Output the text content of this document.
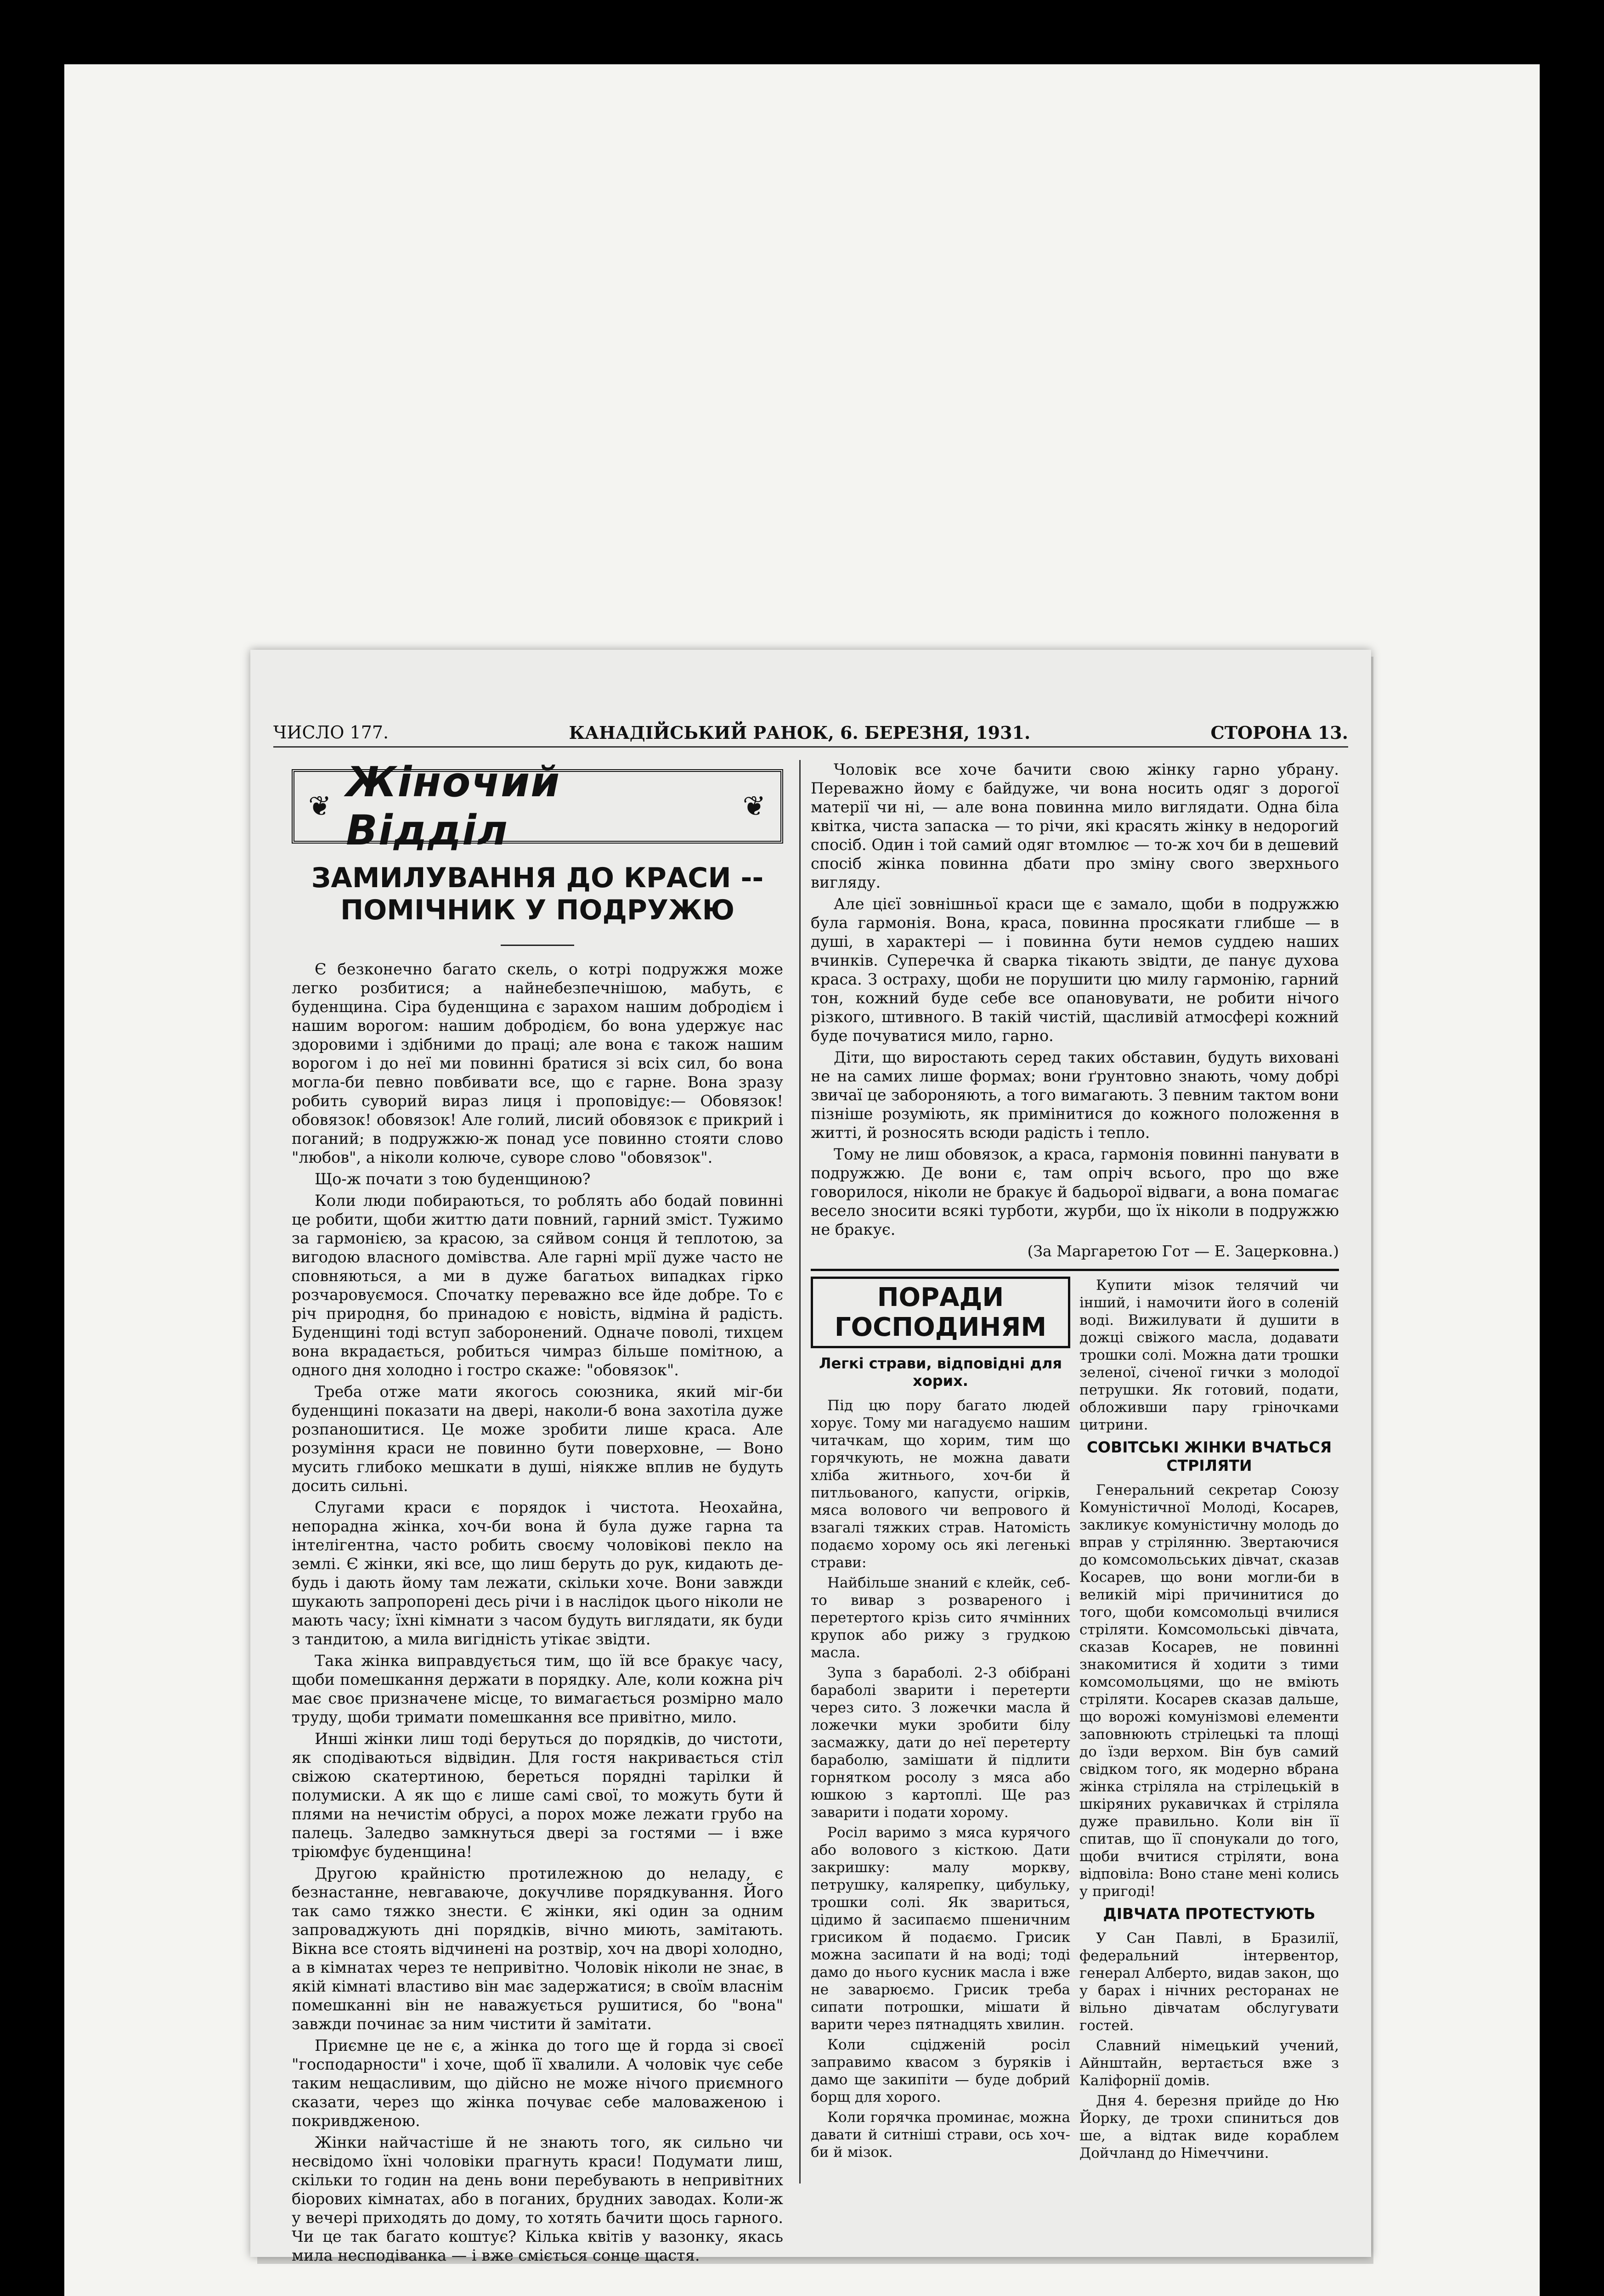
ЧИСЛО 177.	КАНАДІЙСЬКИЙ РАНОК, 6. БЕРЕЗНЯ, 1931.	СТОРОНА 13.
❦ Жіночий Відділ	❦
ЗАМИЛУВАННЯ ДО КРАСИ -- ПОМІЧНИК У ПОДРУЖЮ

Є безконечно багато скель, о котрі подружжя може легко розбитися; а найнебезпечнішою, мабуть, є буденщина. Сіра буденщина є зарахом нашим добродієм і нашим ворогом: нашим добродієм, бо вона удержує нас здоровими і здібними до праці; але вона є також нашим ворогом і до неї ми повинні братися зі всіх сил, бо вона могла-би певно повбивати все, що є гарне. Вона зразу робить суворий вираз лиця і проповідує:— Обовязок! обовязок! обовязок! Але голий, лисий обовязок є прикрий і поганий; в подружжю-ж понад усе повинно стояти слово "любов", а ніколи колюче, суворе слово "обовязок".

Що-ж почати з тою буденщиною?

Коли люди побираються, то роблять або бодай повинні це робити, щоби життю дати повний, гарний зміст. Тужимо за гармонією, за красою, за сяйвом сонця й теплотою, за вигодою власного домівства. Але гарні мрії дуже часто не сповняються, а ми в дуже багатьох випадках гірко розчаровуємося. Спочатку переважно все йде добре. То є річ природня, бо принадою є новість, відміна й радість. Буденщині тоді вступ заборонений. Одначе поволі, тихцем вона вкрадається, робиться чимраз більше помітною, а одного дня холодно і гостро скаже: "обовязок".

Треба отже мати якогось союзника, який міг-би буденщині показати на двері, наколи-б вона захотіла дуже розпаношитися. Це може зробити лише краса. Але розуміння краси не повинно бути поверховне, — Воно мусить глибоко мешкати в душі, ніякже вплив не будуть досить сильні.

Слугами краси є порядок і чистота. Неохайна, непорадна жінка, хоч-би вона й була дуже гарна та інтелігентна, часто робить своєму чоловікові пекло на землі. Є жінки, які все, що лиш беруть до рук, кидають де-будь і дають йому там лежати, скільки хоче. Вони завжди шукають запропорені десь річи і в наслідок цього ніколи не мають часу; їхні кімнати з часом будуть виглядати, як буди з тандитою, а мила вигідність утікає звідти.

Така жінка виправдується тим, що їй все бракує часу, щоби помешкання держати в порядку. Але, коли кожна річ має своє призначене місце, то вимагається розмірно мало труду, щоби тримати помешкання все привітно, мило.

Инші жінки лиш тоді беруться до порядків, до чистоти, як сподіваються відвідин. Для гостя накривається стіл свіжою скатертиною, береться порядні тарілки й полумиски. А як що є лише самі свої, то можуть бути й плями на нечистім обрусі, а порох може лежати грубо на палець. Заледво замкнуться двері за гостями — і вже тріюмфує буденщина!

Другою крайністю протилежною до неладу, є безнастанне, невгаваюче, докучливе порядкування. Його так само тяжко знести. Є жінки, які один за одним запроваджують дні порядків, вічно миють, замітають. Вікна все стоять відчинені на розтвір, хоч на дворі холодно, а в кімнатах через те непривітно. Чоловік ніколи не знає, в якій кімнаті властиво він має задержатися; в своїм власнім помешканні він не наважується рушитися, бо "вона" завжди починає за ним чистити й замітати.

Приємне це не є, а жінка до того ще й горда зі своєї "господарности" і хоче, щоб її хвалили. А чоловік чує себе таким нещасливим, що дійсно не може нічого приємного сказати, через що жінка почуває себе маловаженою і покривдженою.

Жінки найчастіше й не знають того, як сильно чи несвідомо їхні чоловіки прагнуть краси! Подумати лиш, скільки то годин на день вони перебувають в непривітних біорових кімнатах, або в поганих, брудних заводах. Коли-ж у вечері приходять до дому, то хотять бачити щось гарного. Чи це так багато коштує? Кілька квітів у вазонку, якась мила несподіванка — і вже сміється сонце щастя.

Чоловік все хоче бачити свою жінку гарно убрану. Переважно йому є байдуже, чи вона носить одяг з дорогої матерії чи ні, — але вона повинна мило виглядати. Одна біла квітка, чиста запаска — то річи, які красять жінку в недорогий спосіб. Один і той самий одяг втомлює — то-ж хоч би в дешевий спосіб жінка повинна дбати про зміну свого зверхнього вигляду.

Але цієї зовнішньої краси ще є замало, щоби в подружжю була гармонія. Вона, краса, повинна просякати глибше — в душі, в характері — і повинна бути немов суддею наших вчинків. Суперечка й сварка тікають звідти, де панує духова краса. З остраху, щоби не порушити цю милу гармонію, гарний тон, кожний буде себе все опановувати, не робити нічого різкого, штивного. В такій чистій, щасливій атмосфері кожний буде почуватися мило, гарно.

Діти, що виростають серед таких обставин, будуть виховані не на самих лише формах; вони ґрунтовно знають, чому добрі звичаї це забороняють, а того вимагають. З певним тактом вони пізніше розуміють, як примінитися до кожного положення в житті, й розносять всюди радість і тепло.

Тому не лиш обовязок, а краса, гармонія повинні панувати в подружжю. Де вони є, там опріч всього, про що вже говорилося, ніколи не бракує й бадьорої відваги, а вона помагає весело зносити всякі турботи, журби, що їх ніколи в подружжю не бракує.

(За Маргаретою Гот — Е. Зацерковна.)
ПОРАДИ ГОСПОДИНЯМ
Легкі страви, відповідні для хорих.

Під цю пору багато людей хорує. Тому ми нагадуємо нашим читачкам, що хорим, тим що горячкують, не можна давати хліба житнього, хоч-би й питльованого, капусти, огірків, мяса воловогo чи вепрового й взагалі тяжких страв. Натомість подаємо хорому ось які легенькі страви:

Найбільше знаний є клейк, себ-то вивар з розвареного і перетертого крізь сито ячмінних крупок або рижу з грудкою масла.

Зупа з бараболі. 2-3 обібрані бараболі зварити і перетерти через сито. З ложечки масла й ложечки муки зробити білу засмажку, дати до неї перетерту бараболю, замішати й підлити горнятком росолу з мяса або юшкою з картоплі. Ще раз заварити і подати хорому.

Росіл варимо з мяса курячого або волового з кісткою. Дати закришку: малу моркву, петрушку, калярепку, цибульку, трошки солі. Як звариться, цідимо й засипаємо пшеничним грисиком й подаємо. Грисик можна засипати й на воді; тоді дамо до нього кусник масла і вже не заварюємо. Грисик треба сипати потрошки, мішати й варити через пятнадцять хвилин.

Коли сцідженій росіл заправимо квасом з буряків і дамо ще закипіти — буде добрий борщ для хорого.

Коли горячка проминає, можна давати й ситніші страви, ось хоч-би й мізок.

Купити мізок телячий чи інший, і намочити його в соленій воді. Вижилувати й душити в дожці свіжого масла, додавати трошки солі. Можна дати трошки зеленої, січеної гички з молодої петрушки. Як готовий, подати, обложивши пару гріночками цитрини.

СОВІТСЬКІ ЖІНКИ ВЧАТЬСЯ СТРІЛЯТИ

Генеральний секретар Союзу Комуністичної Молоді, Косарев, закликує комуністичну молодь до вправ у стрілянню. Звертаючися до комсомольських дівчат, сказав Косарев, що вони могли-би в великій мірі причинитися до того, щоби комсомольці вчилися стріляти. Комсомольські дівчата, сказав Косарев, не повинні знакомитися й ходити з тими комсомольцями, що не вміють стріляти. Косарев сказав дальше, що ворожі комунізмові елементи заповнюють стрілецькі та площі до їзди верхом. Він був самий свідком того, як модерно вбрана жінка стріляла на стрілецькій в шкіряних рукавичках й стріляла дуже правильно. Коли він її спитав, що її спонукали до того, щоби вчитися стріляти, вона відповіла: Воно стане мені колись у пригоді!

ДІВЧАТА ПРОТЕСТУЮТЬ

У Сан Павлі, в Бразилії, федеральний інтервентор, генерал Алберто, видав закон, що у барах і нічних ресторанах не вільно дівчатам обслугувати гостей.

Славний німецький учений, Айнштайн, вертається вже з Каліфорнії домів.

Дня 4. березня прийде до Ню Йорку, де трохи спиниться дов ше, а відтак виде кораблем Дойчланд до Німеччини.
